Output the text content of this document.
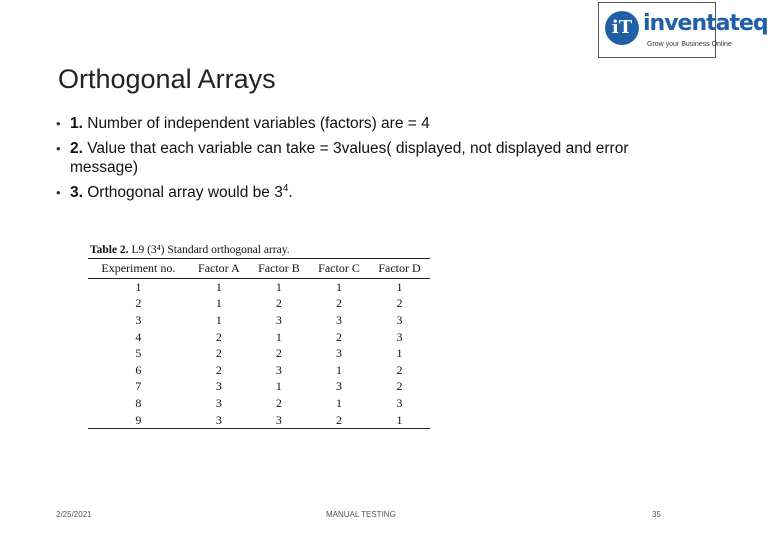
iT inventateq
Grow your Business Online
Orthogonal Arrays
• 1. Number of independent variables (factors) are = 4
• 2. Value that each variable can take = 3values( displayed, not displayed and error message)
• 3. Orthogonal array would be $3^4$.
Table 2. L9 (3⁴) Standard orthogonal array.
Experiment no.	Factor A	Factor B	Factor C	Factor D
1	1	1	1	1
2	1	2	2	2
3	1	3	3	3
4	2	1	2	3
5	2	2	3	1
6	2	3	1	2
7	3	1	3	2
8	3	2	1	3
9	3	3	2	1
2/25/2021	MANUAL TESTING	35
